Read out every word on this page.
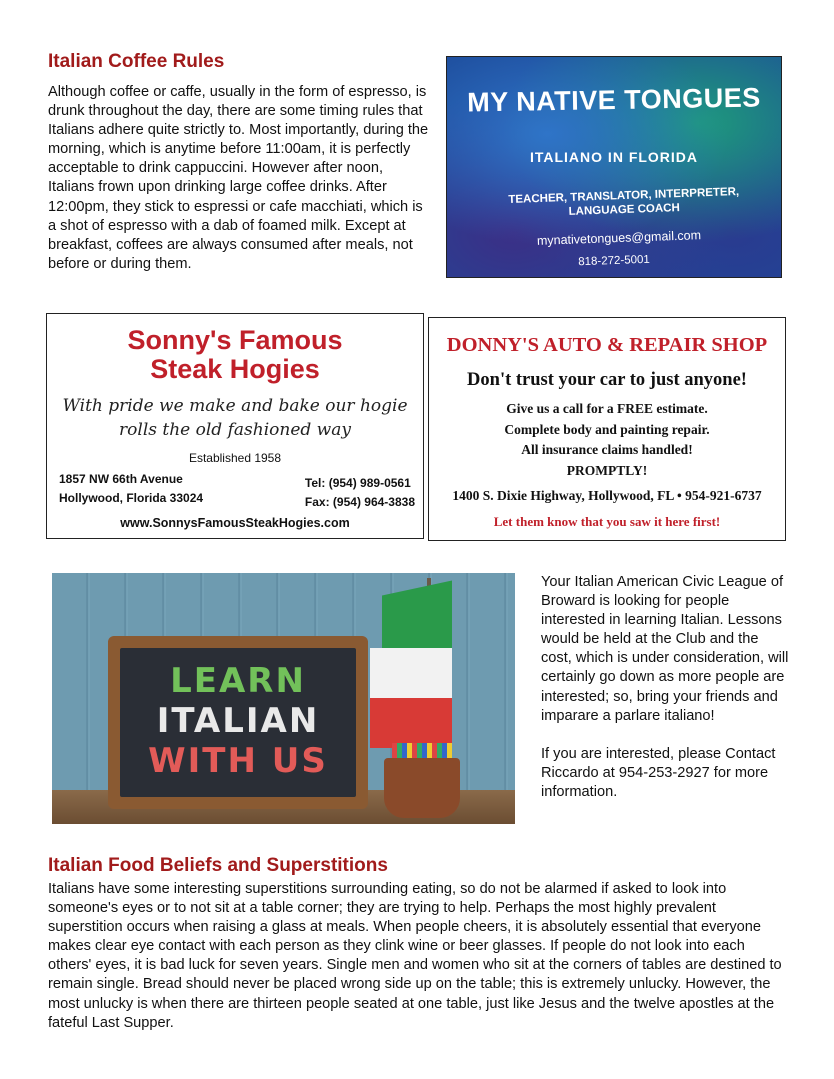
Italian Coffee Rules

Although coffee or caffe, usually in the form of espresso, is drunk throughout the day, there are some timing rules that Italians adhere quite strictly to. Most importantly, during the morning, which is anytime before 11:00am, it is perfectly acceptable to drink cappuccini. However after noon, Italians frown upon drinking large coffee drinks. After 12:00pm, they stick to espressi or cafe macchiati, which is a shot of espresso with a dab of foamed milk. Except at breakfast, coffees are always consumed after meals, not before or during them.

MY NATIVE TONGUES
ITALIANO IN FLORIDA
TEACHER, TRANSLATOR, INTERPRETER,
LANGUAGE COACH
mynativetongues@gmail.com
818-272-5001
Sonny's Famous
Steak Hogies
With pride we make and bake our hogie
rolls the old fashioned way
Established 1958
1857 NW 66th Avenue
Hollywood, Florida 33024
Tel: (954) 989-0561
Fax: (954) 964-3838
www.SonnysFamousSteakHogies.com
DONNY'S AUTO & REPAIR SHOP
Don't trust your car to just anyone!
Give us a call for a FREE estimate.
Complete body and painting repair.
All insurance claims handled!
PROMPTLY!
1400 S. Dixie Highway, Hollywood, FL • 954-921-6737
Let them know that you saw it here first!
LEARN
ITALIAN
WITH US

Your Italian American Civic League of Broward is looking for people interested in learning Italian. Lessons would be held at the Club and the cost, which is under consideration, will certainly go down as more people are interested; so, bring your friends and imparare a parlare italiano!

If you are interested, please Contact Riccardo at 954-253-2927 for more information.

Italian Food Beliefs and Superstitions

Italians have some interesting superstitions surrounding eating, so do not be alarmed if asked to look into someone's eyes or to not sit at a table corner; they are trying to help. Perhaps the most highly prevalent superstition occurs when raising a glass at meals. When people cheers, it is absolutely essential that everyone makes clear eye contact with each person as they clink wine or beer glasses. If people do not look into each others' eyes, it is bad luck for seven years. Single men and women who sit at the corners of tables are destined to remain single. Bread should never be placed wrong side up on the table; this is extremely unlucky. However, the most unlucky is when there are thirteen people seated at one table, just like Jesus and the twelve apostles at the fateful Last Supper.
